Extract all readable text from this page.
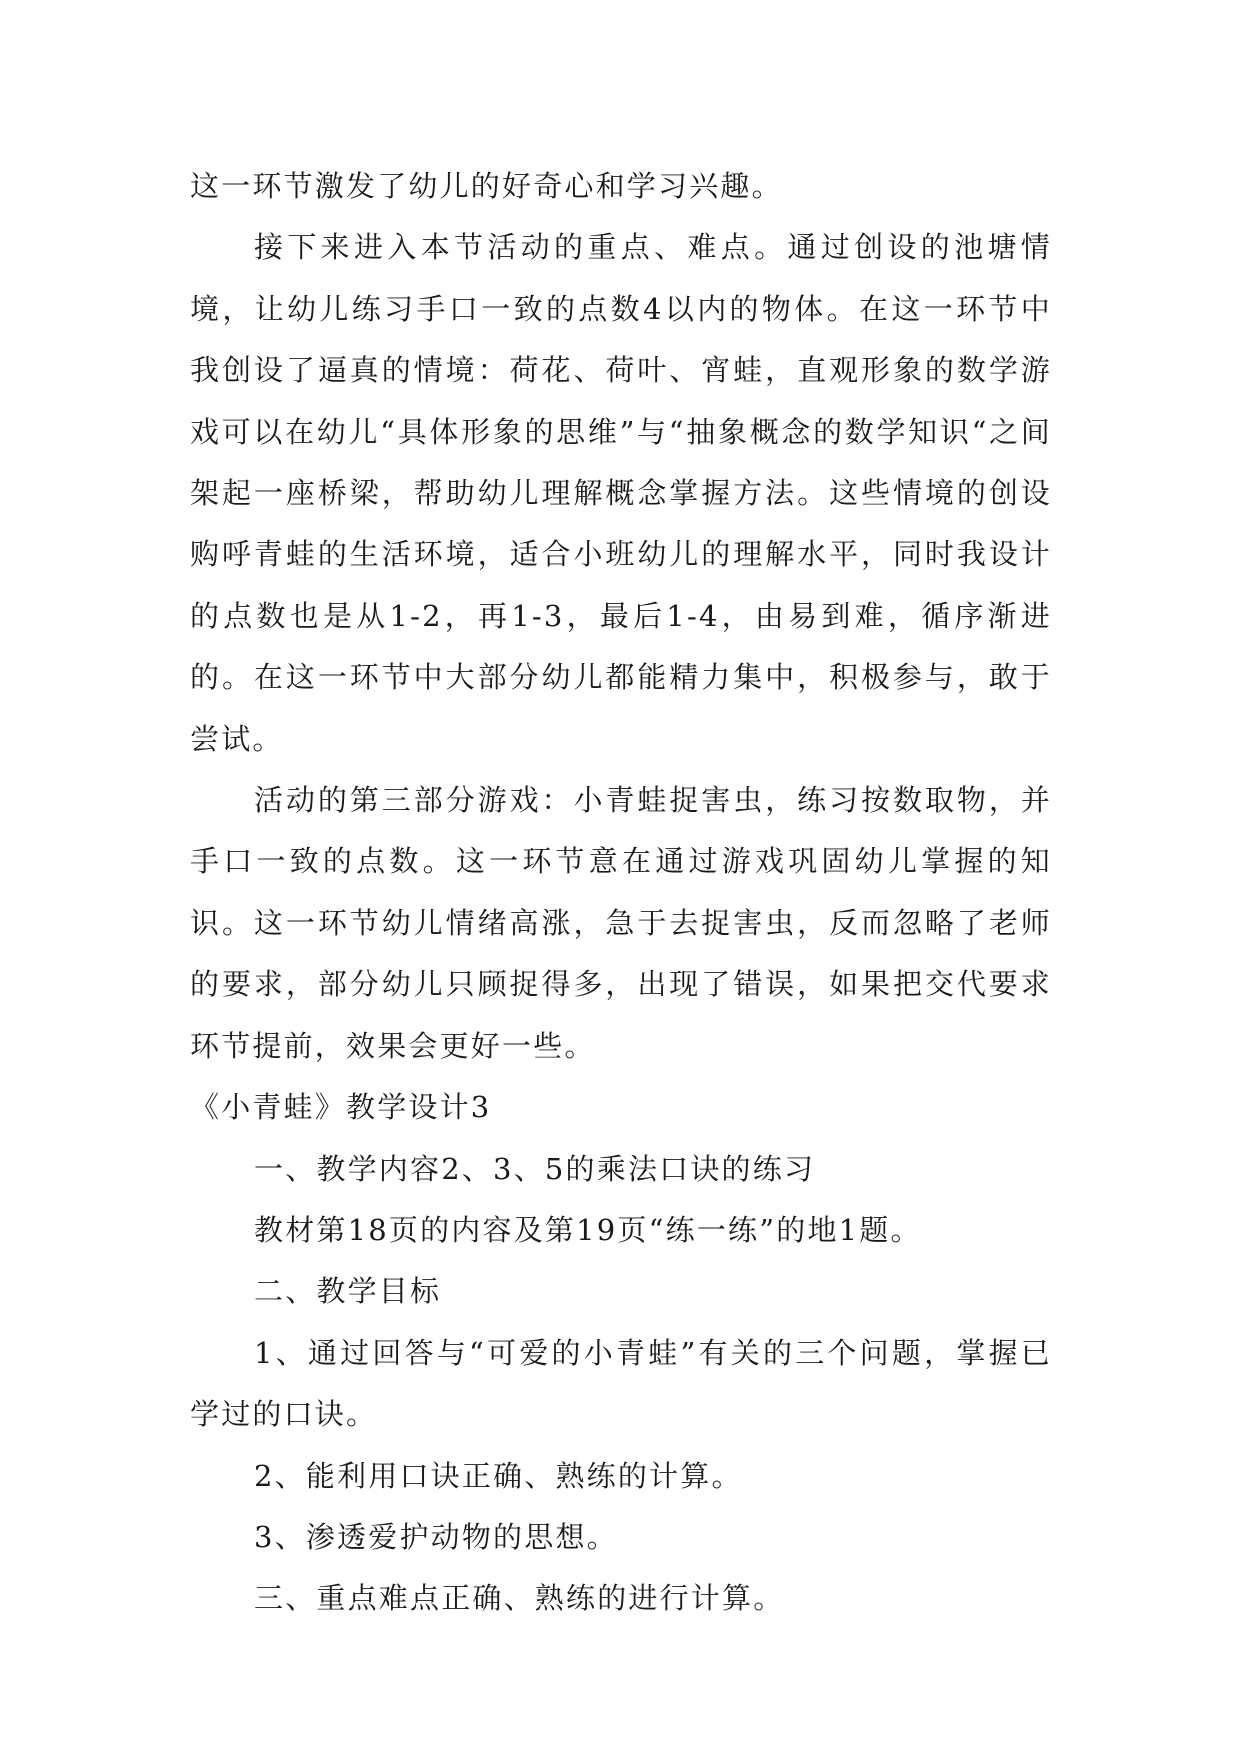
这一环节激发了幼儿的好奇心和学习兴趣。

接下来进入本节活动的重点、难点。通过创设的池塘情境，让幼儿练习手口一致的点数4以内的物体。在这一环节中我创设了逼真的情境：荷花、荷叶、宵蛙，直观形象的数学游戏可以在幼儿“具体形象的思维”与“抽象概念的数学知识“之间架起一座桥梁，帮助幼儿理解概念掌握方法。这些情境的创设购呼青蛙的生活环境，适合小班幼儿的理解水平，同时我设计的点数也是从1-2，再1-3，最后1-4，由易到难，循序渐进的。在这一环节中大部分幼儿都能精力集中，积极参与，敢于尝试。

活动的第三部分游戏：小青蛙捉害虫，练习按数取物，并手口一致的点数。这一环节意在通过游戏巩固幼儿掌握的知识。这一环节幼儿情绪高涨，急于去捉害虫，反而忽略了老师的要求，部分幼儿只顾捉得多，出现了错误，如果把交代要求环节提前，效果会更好一些。

《小青蛙》教学设计3

一、教学内容2、3、5的乘法口诀的练习

教材第18页的内容及第19页“练一练”的地1题。

二、教学目标

1、通过回答与“可爱的小青蛙”有关的三个问题，掌握已学过的口诀。

2、能利用口诀正确、熟练的计算。

3、渗透爱护动物的思想。

三、重点难点正确、熟练的进行计算。
